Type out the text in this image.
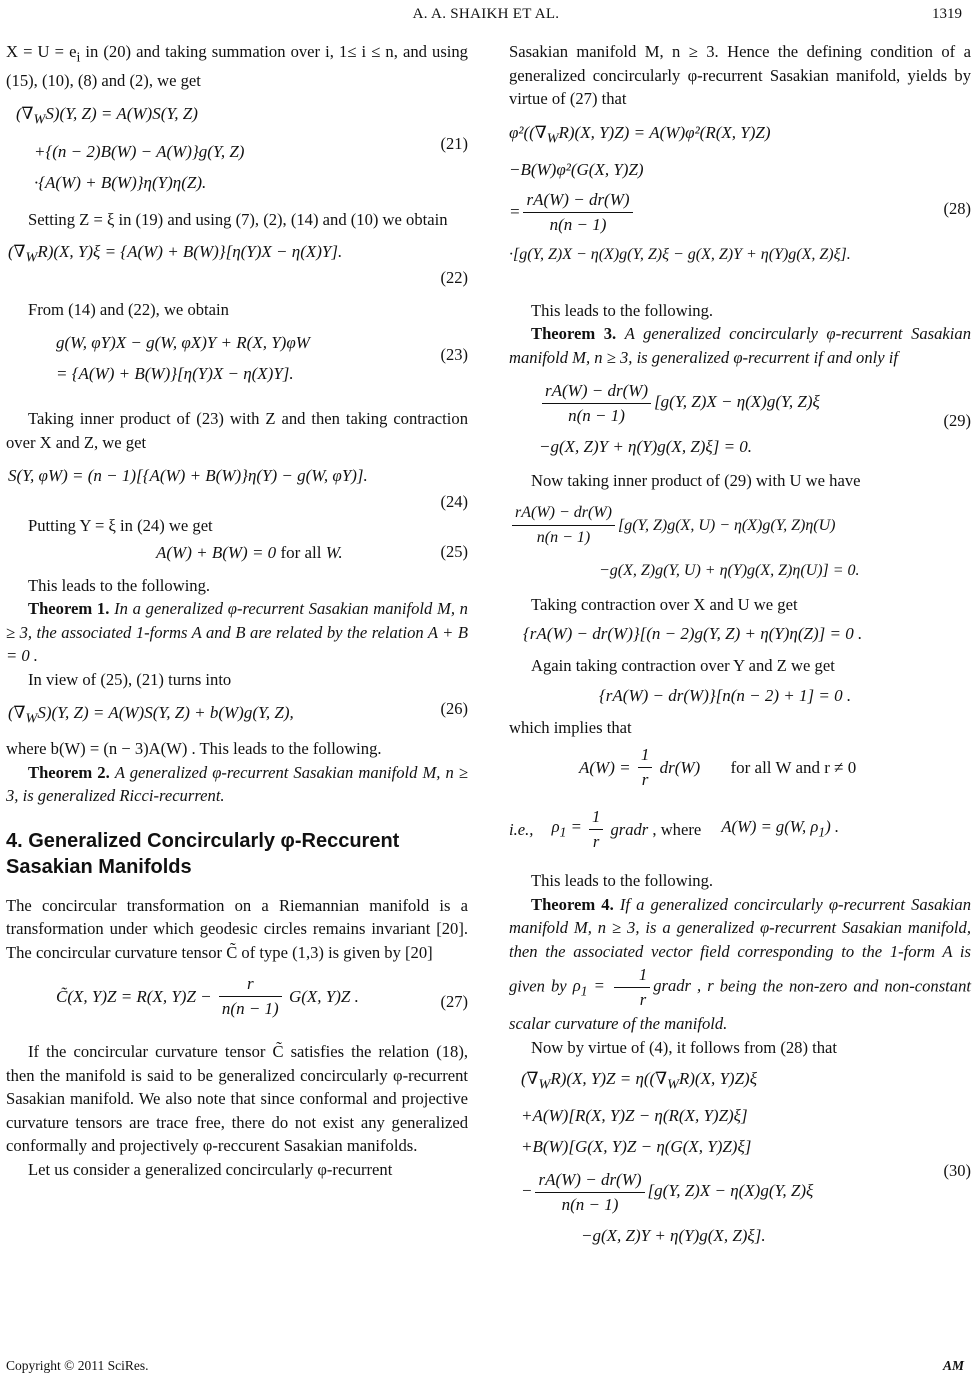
A. A. SHAIKH ET AL.	1319

$X = U = e_i$ in (20) and taking summation over i, 1≤ i ≤ n, and using (15), (10), (8) and (2), we get

$(\nabla_WS)(Y$, Z) = A(W)S(Y, Z)
+{(n − 2)B(W) − A(W)}g(Y, Z)
·{A(W) + B(W)}η(Y)η(Z).
(21)

Setting Z = ξ in (19) and using (7), (2), (14) and (10) we obtain

$(\nabla_WR)(X$, Y)ξ = {A(W) + B(W)}[η(Y)X − η(X)Y].
(22)

From (14) and (22), we obtain

g(W, φY)X − g(W, φX)Y + R(X, Y)φW
= {A(W) + B(W)}[η(Y)X − η(X)Y].
(23)

Taking inner product of (23) with Z and then taking contraction over X and Z, we get

S(Y, φW) = (n − 1)[{A(W) + B(W)}η(Y) − g(W, φY)].
(24)

Putting Y = ξ in (24) we get

A(W) + B(W) = 0 for all W.	(25)

This leads to the following.

Theorem 1. In a generalized φ-recurrent Sasakian manifold M, n ≥ 3, the associated 1-forms A and B are related by the relation A + B = 0 .

In view of (25), (21) turns into

$(\nabla_WS)(Y$, Z) = A(W)S(Y, Z) + b(W)g(Y, Z),	(26)

where b(W) = (n − 3)A(W) . This leads to the following.

Theorem 2. A generalized φ-recurrent Sasakian manifold M, n ≥ 3, is generalized Ricci-recurrent.

4. Generalized Concircularly φ-Reccurent Sasakian Manifolds

The concircular transformation on a Riemannian manifold is a transformation under which geodesic circles remains invariant [20]. The concircular curvature tensor C̃ of type (1,3) is given by [20]

C̃(X, Y)Z = R(X, $Y)Z - \frac{r}{n(n - 1)} G(X$, Y)Z .	(27)

If the concircular curvature tensor C̃ satisfies the relation (18), then the manifold is said to be generalized concircularly φ-recurrent Sasakian manifold. We also note that since conformal and projective curvature tensors are trace free, there do not exist any generalized conformally and projectively φ-reccurent Sasakian manifolds.

Let us consider a generalized concircularly φ-recurrent

Sasakian manifold M, n ≥ 3. Hence the defining condition of a generalized concircularly φ-recurrent Sasakian manifold, yields by virtue of (27) that

$\varphi^2((\nabla_WR)(X$, Y)Z) = A(W)φ²(R(X, Y)Z)
−B(W)φ²(G(X, Y)Z)
= $\frac{rA(W) - dr(W)}{n(n - 1)}$
·[g(Y, Z)X − η(X)g(Y, Z)ξ − g(X, Z)Y + η(Y)g(X, Z)ξ].
(28)

This leads to the following.

Theorem 3. A generalized concircularly φ-recurrent Sasakian manifold M, n ≥ 3, is generalized φ-recurrent if and only if

$\frac{rA(W) - dr(W)}{n(n - 1)} [g(Y$, Z)X − η(X)g(Y, Z)ξ
−g(X, Z)Y + η(Y)g(X, Z)ξ] = 0.
(29)

Now taking inner product of (29) with U we have

$\frac{rA(W) - dr(W)}{n(n - 1)} [g(Y$, Z)g(X, U) − η(X)g(Y, Z)η(U)
−g(X, Z)g(Y, U) + η(Y)g(X, Z)η(U)] = 0.

Taking contraction over X and U we get

{rA(W) − dr(W)}[(n − 2)g(Y, Z) + η(Y)η(Z)] = 0 .

Again taking contraction over Y and Z we get

{rA(W) − dr(W)}[n(n − 2) + 1] = 0 .

which implies that

$A(W) = \frac{1}{r} dr(W)$ for all W and r ≠ 0
i.e., $\rho_1 = \frac{1}{r}$ gradr , where A(W) = g(W, $\rho_1$) .

This leads to the following.

Theorem 4. If a generalized concircularly φ-recurrent Sasakian manifold M, n ≥ 3, is a generalized φ-recurrent Sasakian manifold, then the associated vector field corresponding to the 1-form A is given by $\rho_1 = \frac{1}{r}$ gradr , r being the non-zero and non-constant scalar curvature of the manifold.

Now by virtue of (4), it follows from (28) that

$(\nabla_WR)(X$, $Y)Z = \eta((\nabla_WR)(X$, Y)Z)ξ
+A(W)[R(X, Y)Z − η(R(X, Y)Z)ξ]
+B(W)[G(X, Y)Z − η(G(X, Y)Z)ξ]
− $\frac{rA(W) - dr(W)}{n(n - 1)} [g(Y$, Z)X − η(X)g(Y, Z)ξ
−g(X, Z)Y + η(Y)g(X, Z)ξ].
(30)
Copyright © 2011 SciRes.	AM
